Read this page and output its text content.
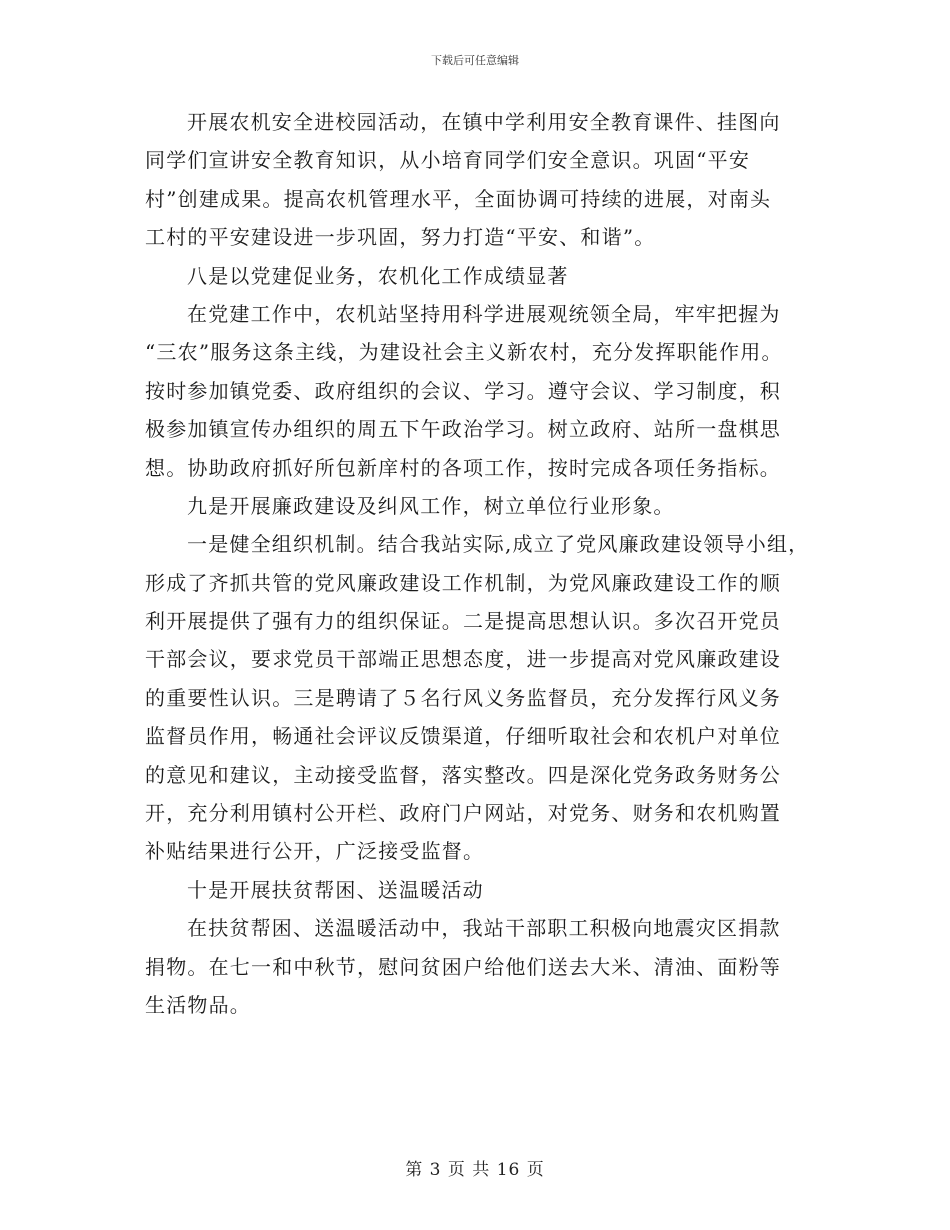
下载后可任意编辑
开展农机安全进校园活动，在镇中学利用安全教育课件、挂图向
同学们宣讲安全教育知识，从小培育同学们安全意识。巩固“平安
村”创建成果。提高农机管理水平，全面协调可持续的进展，对南头
工村的平安建设进一步巩固，努力打造“平安、和谐”。
八是以党建促业务，农机化工作成绩显著
在党建工作中，农机站坚持用科学进展观统领全局，牢牢把握为
“三农”服务这条主线，为建设社会主义新农村，充分发挥职能作用。
按时参加镇党委、政府组织的会议、学习。遵守会议、学习制度，积
极参加镇宣传办组织的周五下午政治学习。树立政府、站所一盘棋思
想。协助政府抓好所包新庠村的各项工作，按时完成各项任务指标。
九是开展廉政建设及纠风工作，树立单位行业形象。
一是健全组织机制。结合我站实际,成立了党风廉政建设领导小组，
形成了齐抓共管的党风廉政建设工作机制，为党风廉政建设工作的顺
利开展提供了强有力的组织保证。二是提高思想认识。多次召开党员
干部会议，要求党员干部端正思想态度，进一步提高对党风廉政建设
的重要性认识。三是聘请了５名行风义务监督员，充分发挥行风义务
监督员作用，畅通社会评议反馈渠道，仔细听取社会和农机户对单位
的意见和建议，主动接受监督，落实整改。四是深化党务政务财务公
开，充分利用镇村公开栏、政府门户网站，对党务、财务和农机购置
补贴结果进行公开，广泛接受监督。
十是开展扶贫帮困、送温暖活动
在扶贫帮困、送温暖活动中，我站干部职工积极向地震灾区捐款
捐物。在七一和中秋节，慰问贫困户给他们送去大米、清油、面粉等
生活物品。
第 3 页 共 16 页
